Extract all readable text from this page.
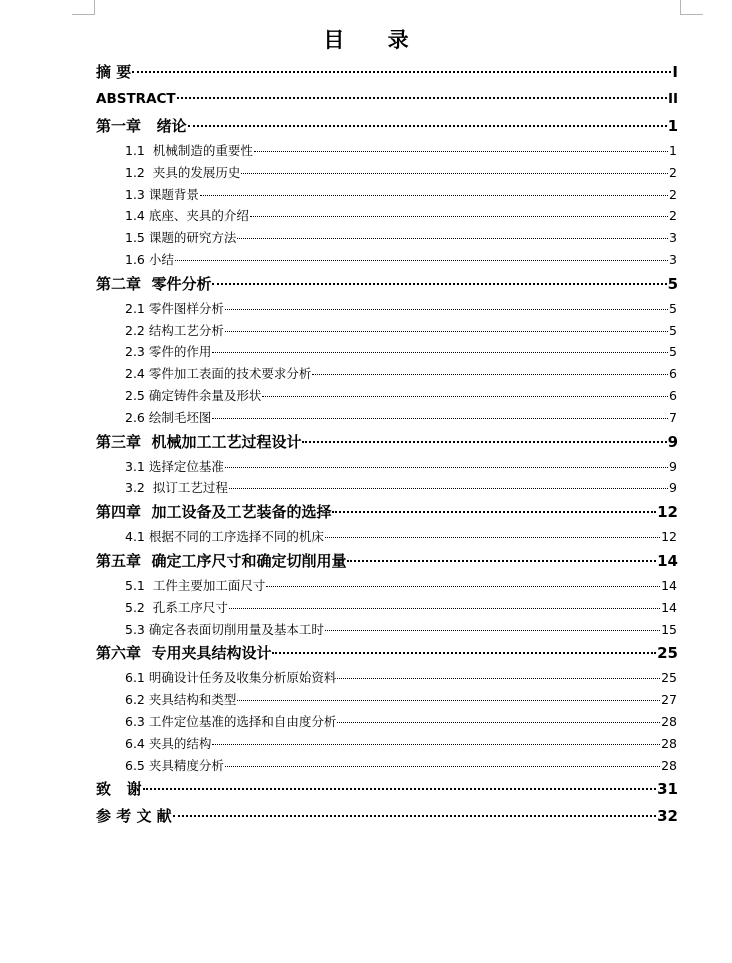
目 录
摘 要	I
ABSTRACT	II
第一章   绪论	1
1.1  机械制造的重要性	1
1.2  夹具的发展历史	2
1.3 课题背景	2
1.4 底座、夹具的介绍	2
1.5 课题的研究方法	3
1.6 小结	3
第二章  零件分析	5
2.1 零件图样分析	5
2.2 结构工艺分析	5
2.3 零件的作用	5
2.4 零件加工表面的技术要求分析	6
2.5 确定铸件余量及形状	6
2.6 绘制毛坯图	7
第三章  机械加工工艺过程设计	9
3.1 选择定位基准	9
3.2  拟订工艺过程	9
第四章  加工设备及工艺装备的选择	12
4.1 根据不同的工序选择不同的机床	12
第五章  确定工序尺寸和确定切削用量	14
5.1  工件主要加工面尺寸	14
5.2  孔系工序尺寸	14
5.3 确定各表面切削用量及基本工时	15
第六章  专用夹具结构设计	25
6.1 明确设计任务及收集分析原始资料	25
6.2 夹具结构和类型	27
6.3 工件定位基准的选择和自由度分析	28
6.4 夹具的结构	28
6.5 夹具精度分析	28
致   谢	31
参 考 文 献	32
